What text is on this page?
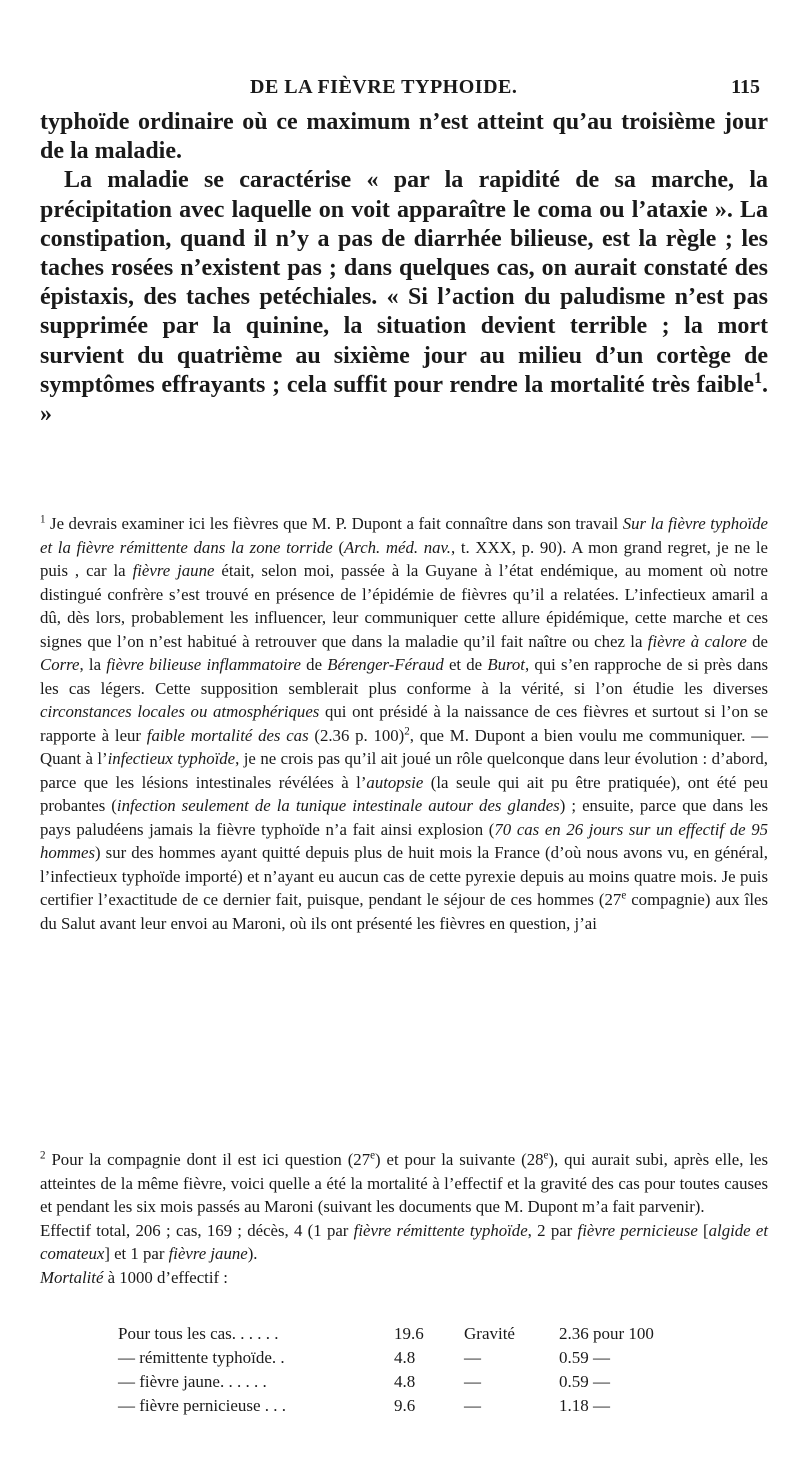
DE LA FIÈVRE TYPHOIDE.	115

typhoïde ordinaire où ce maximum n’est atteint qu’au troisième jour de la maladie.

La maladie se caractérise « par la rapidité de sa marche, la précipitation avec laquelle on voit apparaître le coma ou l’ataxie ». La constipation, quand il n’y a pas de diarrhée bilieuse, est la règle ; les taches rosées n’existent pas ; dans quelques cas, on aurait constaté des épistaxis, des taches petéchiales. « Si l’action du paludisme n’est pas supprimée par la quinine, la situation devient terrible ; la mort survient du quatrième au sixième jour au milieu d’un cortège de symptômes effrayants ; cela suffit pour rendre la mortalité très faible$^1$. »

$^1$ Je devrais examiner ici les fièvres que M. P. Dupont a fait connaître dans son travail Sur la fièvre typhoïde et la fièvre rémittente dans la zone torride (Arch. méd. nav., t. XXX, p. 90). A mon grand regret, je ne le puis , car la fièvre jaune était, selon moi, passée à la Guyane à l’état endémique, au moment où notre distingué confrère s’est trouvé en présence de l’épidémie de fièvres qu’il a relatées. L’infectieux amaril a dû, dès lors, probablement les influencer, leur communiquer cette allure épidémique, cette marche et ces signes que l’on n’est habitué à retrouver que dans la maladie qu’il fait naître ou chez la fièvre à calore de Corre, la fièvre bilieuse inflammatoire de Bérenger-Féraud et de Burot, qui s’en rapproche de si près dans les cas légers. Cette supposition semblerait plus conforme à la vérité, si l’on étudie les diverses circonstances locales ou atmosphériques qui ont présidé à la naissance de ces fièvres et surtout si l’on se rapporte à leur faible mortalité des cas (2.36 p. 100)$^2$, que M. Dupont a bien voulu me communiquer. — Quant à l’infectieux typhoïde, je ne crois pas qu’il ait joué un rôle quelconque dans leur évolution : d’abord, parce que les lésions intestinales révélées à l’autopsie (la seule qui ait pu être pratiquée), ont été peu probantes (infection seulement de la tunique intestinale autour des glandes) ; ensuite, parce que dans les pays paludéens jamais la fièvre typhoïde n’a fait ainsi explosion (70 cas en 26 jours sur un effectif de 95 hommes) sur des hommes ayant quitté depuis plus de huit mois la France (d’où nous avons vu, en général, l’infectieux typhoïde importé) et n’ayant eu aucun cas de cette pyrexie depuis au moins quatre mois. Je puis certifier l’exactitude de ce dernier fait, puisque, pendant le séjour de ces hommes (27e compagnie) aux îles du Salut avant leur envoi au Maroni, où ils ont présenté les fièvres en question, j’ai

$^2$ Pour la compagnie dont il est ici question (27e) et pour la suivante (28e), qui aurait subi, après elle, les atteintes de la même fièvre, voici quelle a été la mortalité à l’effectif et la gravité des cas pour toutes causes et pendant les six mois passés au Maroni (suivant les documents que M. Dupont m’a fait parvenir).

Effectif total, 206 ; cas, 169 ; décès, 4 (1 par fièvre rémittente typhoïde, 2 par fièvre pernicieuse [algide et comateux] et 1 par fièvre jaune).

Mortalité à 1000 d’effectif :

Pour tous les cas. . . . . .	19.6 Gravité	2.36 pour 100
— rémittente typhoïde. .	4.8	—	0.59 —
— fièvre jaune. . . . . .	4.8	—	0.59 —
— fièvre pernicieuse . . .	9.6	—	1.18 —
